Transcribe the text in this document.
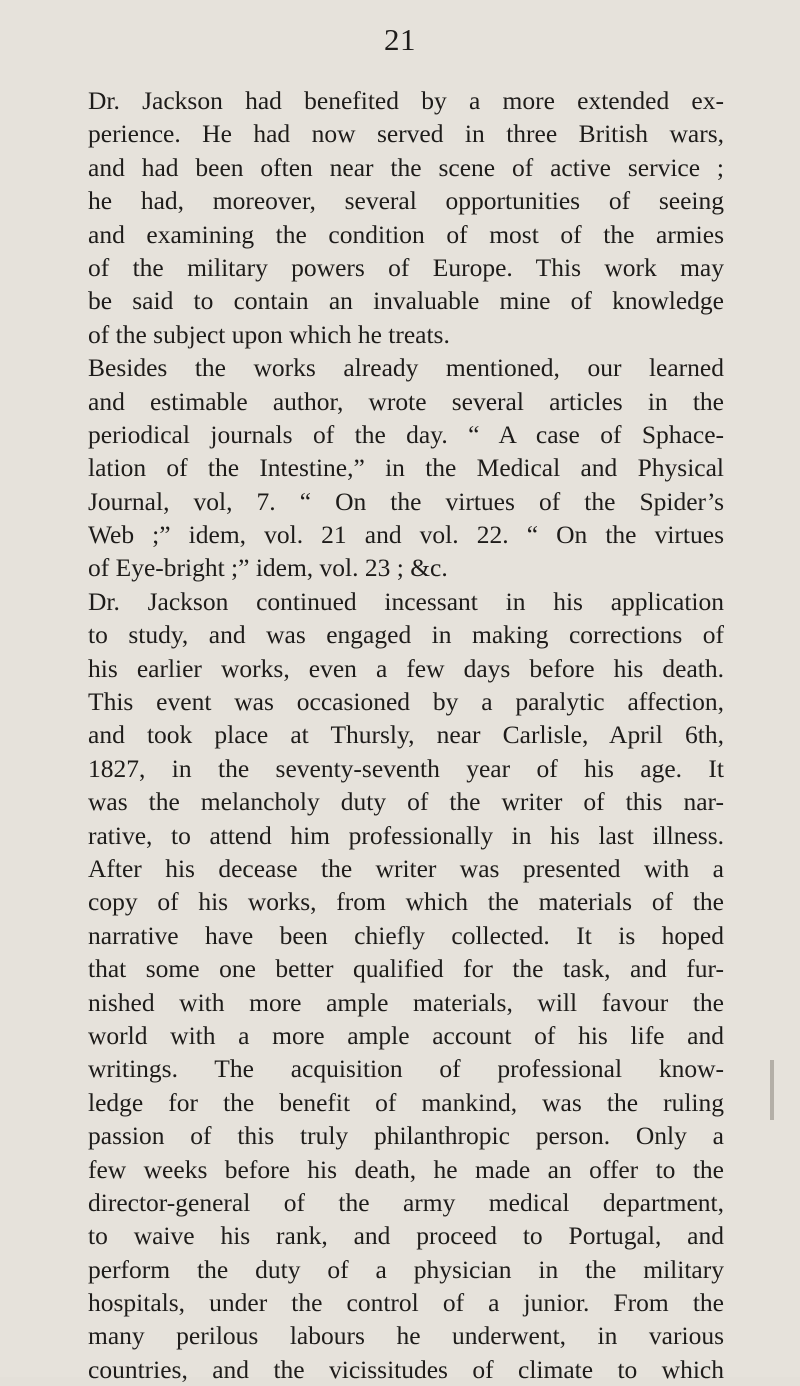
21
Dr. Jackson had benefited by a more extended ex-
perience. He had now served in three British wars,
and had been often near the scene of active service ;
he had, moreover, several opportunities of seeing
and examining the condition of most of the armies
of the military powers of Europe. This work may
be said to contain an invaluable mine of knowledge
of the subject upon which he treats.
Besides the works already mentioned, our learned
and estimable author, wrote several articles in the
periodical journals of the day. “ A case of Sphace-
lation of the Intestine,” in the Medical and Physical
Journal, vol, 7. “ On the virtues of the Spider’s
Web ;” idem, vol. 21 and vol. 22. “ On the virtues
of Eye-bright ;” idem, vol. 23 ; &c.
Dr. Jackson continued incessant in his application
to study, and was engaged in making corrections of
his earlier works, even a few days before his death.
This event was occasioned by a paralytic affection,
and took place at Thursly, near Carlisle, April 6th,
1827, in the seventy-seventh year of his age. It
was the melancholy duty of the writer of this nar-
rative, to attend him professionally in his last illness.
After his decease the writer was presented with a
copy of his works, from which the materials of the
narrative have been chiefly collected. It is hoped
that some one better qualified for the task, and fur-
nished with more ample materials, will favour the
world with a more ample account of his life and
writings. The acquisition of professional know-
ledge for the benefit of mankind, was the ruling
passion of this truly philanthropic person. Only a
few weeks before his death, he made an offer to the
director-general of the army medical department,
to waive his rank, and proceed to Portugal, and
perform the duty of a physician in the military
hospitals, under the control of a junior. From the
many perilous labours he underwent, in various
countries, and the vicissitudes of climate to which
